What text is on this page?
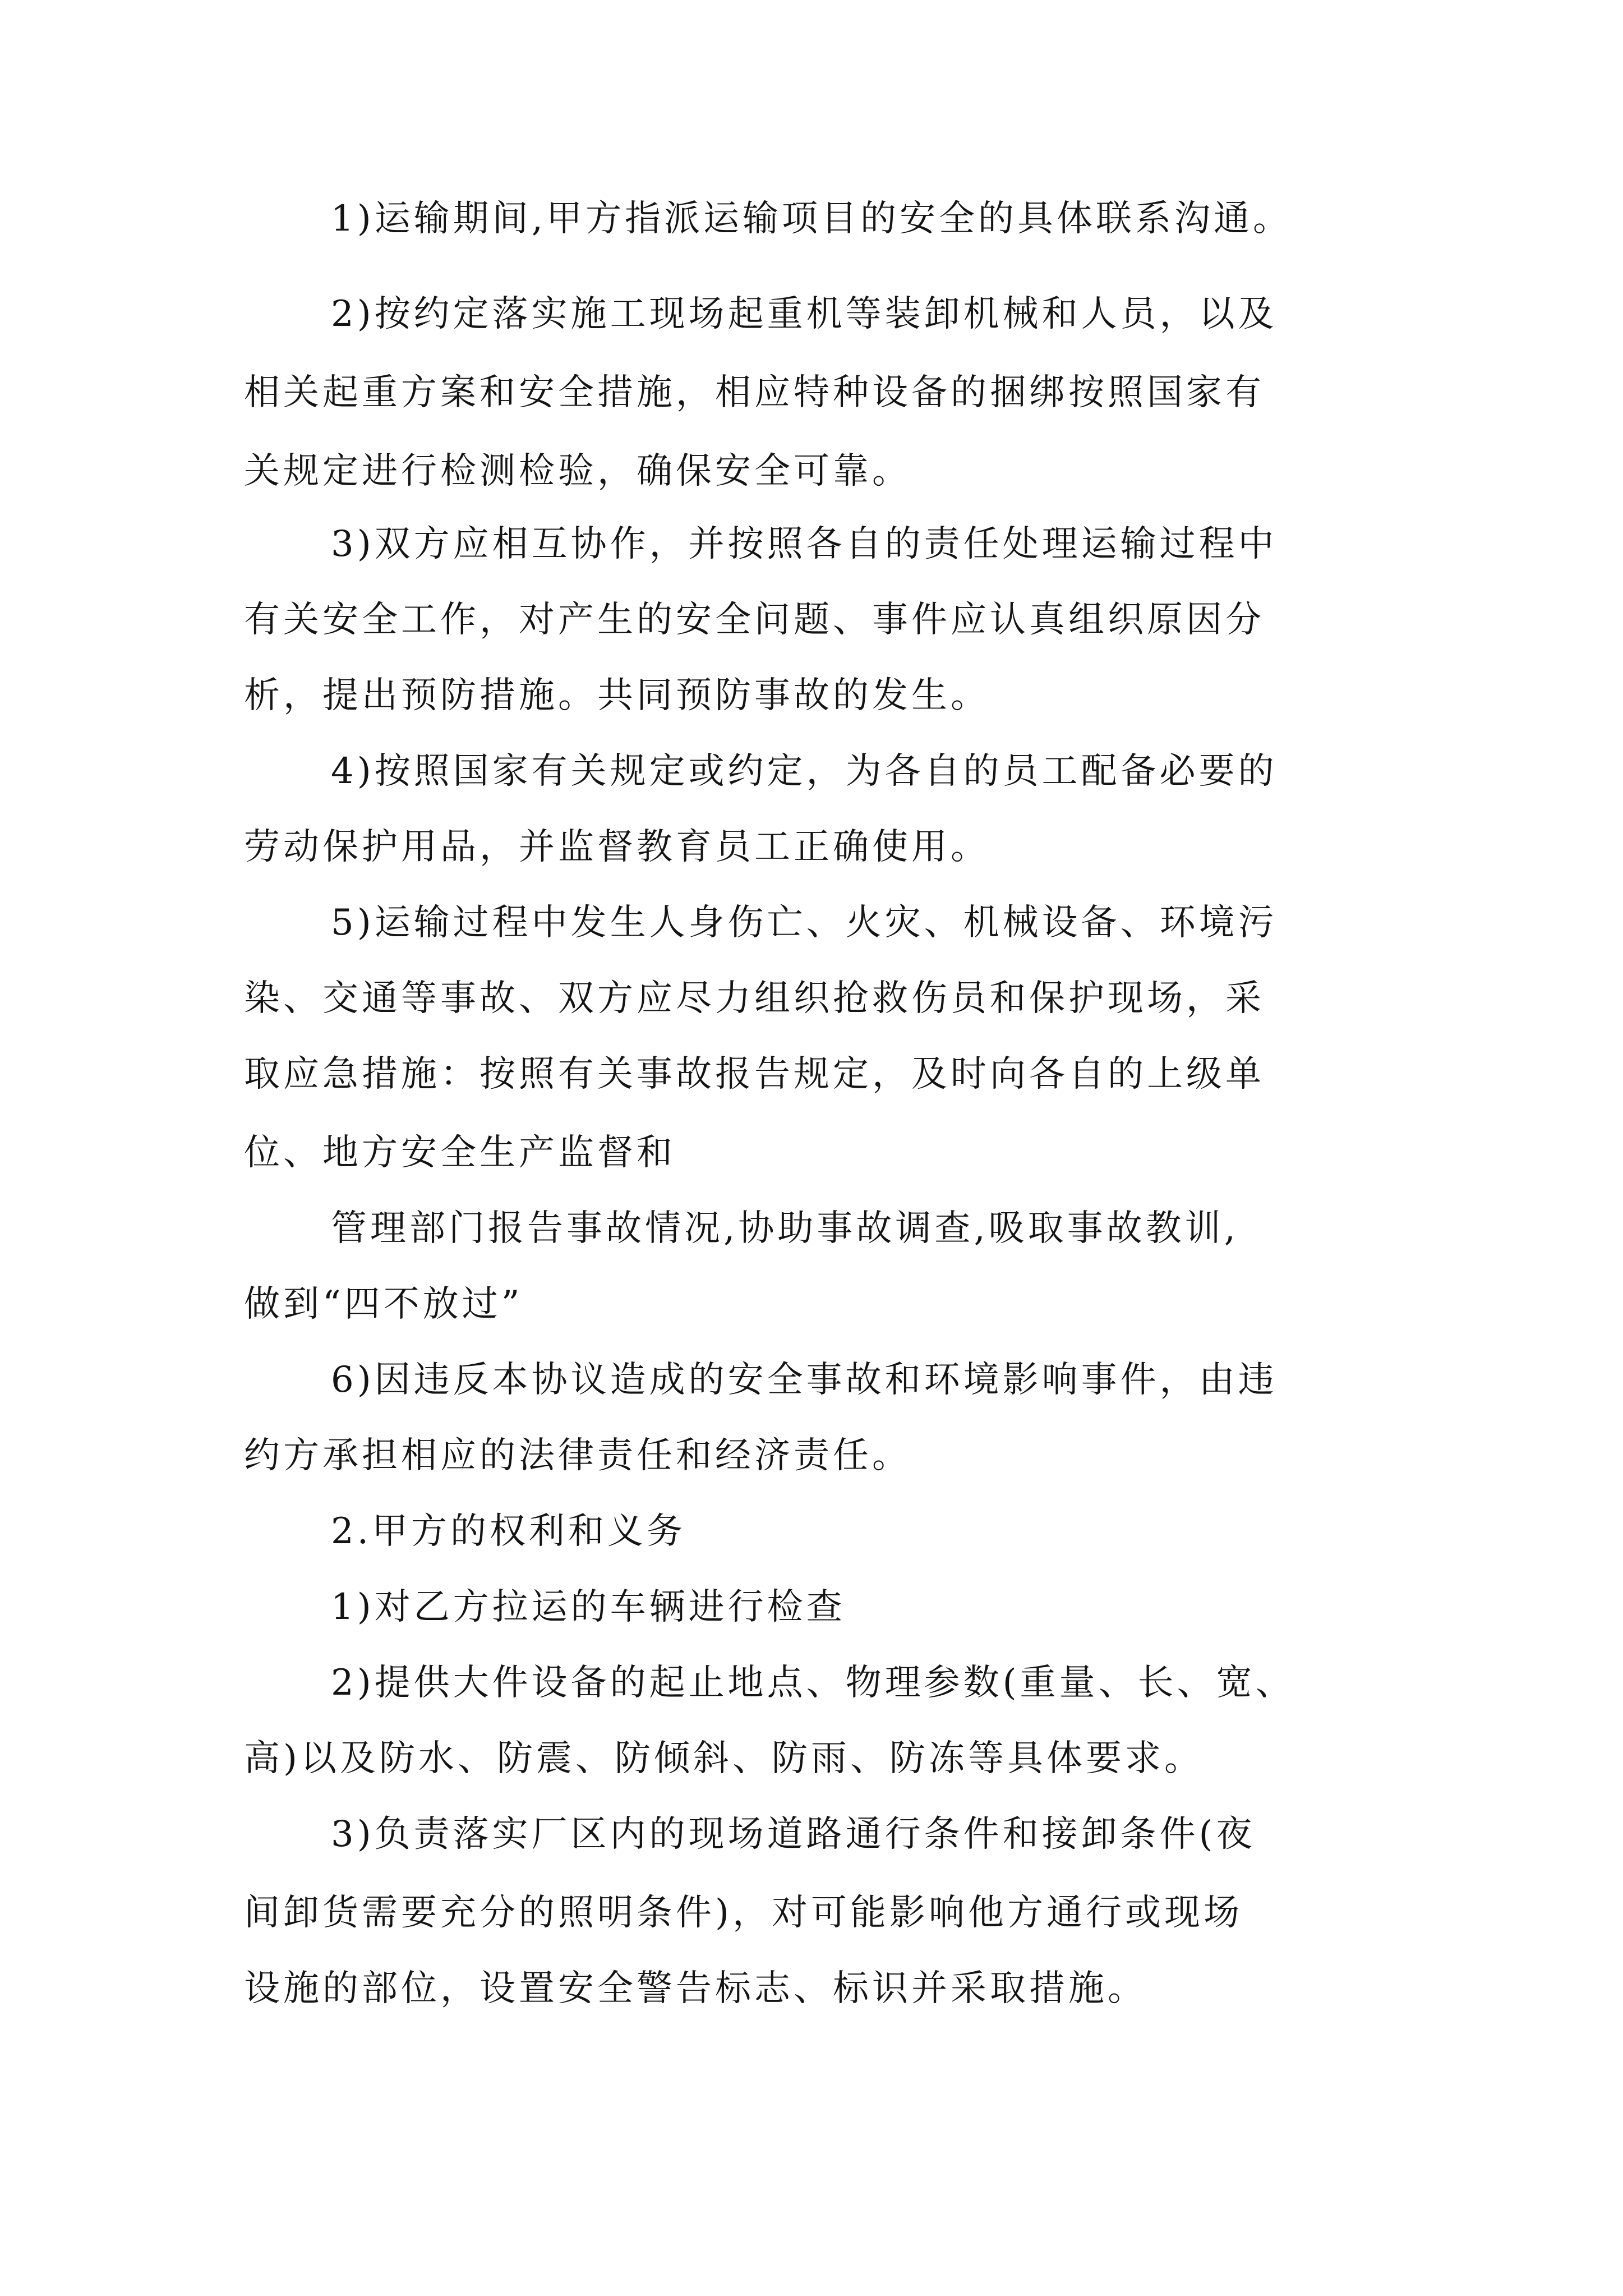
1)运输期间,甲方指派运输项目的安全的具体联系沟通。
2)按约定落实施工现场起重机等装卸机械和人员，以及
相关起重方案和安全措施，相应特种设备的捆绑按照国家有
关规定进行检测检验，确保安全可靠。
3)双方应相互协作，并按照各自的责任处理运输过程中
有关安全工作，对产生的安全问题、事件应认真组织原因分
析，提出预防措施。共同预防事故的发生。
4)按照国家有关规定或约定，为各自的员工配备必要的
劳动保护用品，并监督教育员工正确使用。
5)运输过程中发生人身伤亡、火灾、机械设备、环境污
染、交通等事故、双方应尽力组织抢救伤员和保护现场，采
取应急措施：按照有关事故报告规定，及时向各自的上级单
位、地方安全生产监督和
管理部门报告事故情况,协助事故调查,吸取事故教训,
做到“四不放过”
6)因违反本协议造成的安全事故和环境影响事件，由违
约方承担相应的法律责任和经济责任。
2.甲方的权利和义务
1)对乙方拉运的车辆进行检查
2)提供大件设备的起止地点、物理参数(重量、长、宽、
高)以及防水、防震、防倾斜、防雨、防冻等具体要求。
3)负责落实厂区内的现场道路通行条件和接卸条件(夜
间卸货需要充分的照明条件)，对可能影响他方通行或现场
设施的部位，设置安全警告标志、标识并采取措施。
